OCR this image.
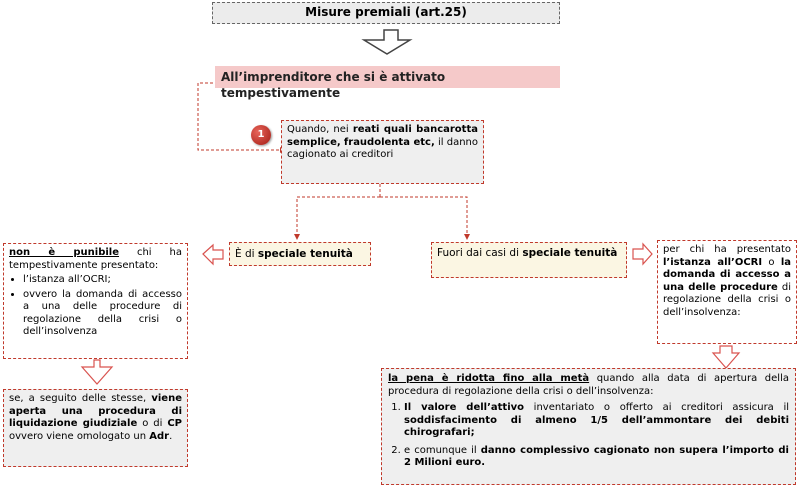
Misure premiali (art.25)
All’imprenditore che si è attivato tempestivamente
1	Quando, nei reati quali bancarotta semplice, fraudolenta etc, il danno cagionato ai creditori
È di speciale tenuità	Fuori dai casi di speciale tenuità
non è punibile chi ha tempestivamente presentato:
• l’istanza all’OCRI;
• ovvero la domanda di accesso a una delle procedure di regolazione della crisi o dell’insolvenza
se, a seguito delle stesse, viene aperta una procedura di liquidazione giudiziale o di CP ovvero viene omologato un Adr.
per chi ha presentato l’istanza all’OCRI o la domanda di accesso a una delle procedure di regolazione della crisi o dell’insolvenza:
la pena è ridotta fino alla metà quando alla data di apertura della procedura di regolazione della crisi o dell’insolvenza:
1. Il valore dell’attivo inventariato o offerto ai creditori assicura il soddisfacimento di almeno 1/5 dell’ammontare dei debiti chirografari;
2. e comunque il danno complessivo cagionato non supera l’importo di 2 Milioni euro.
